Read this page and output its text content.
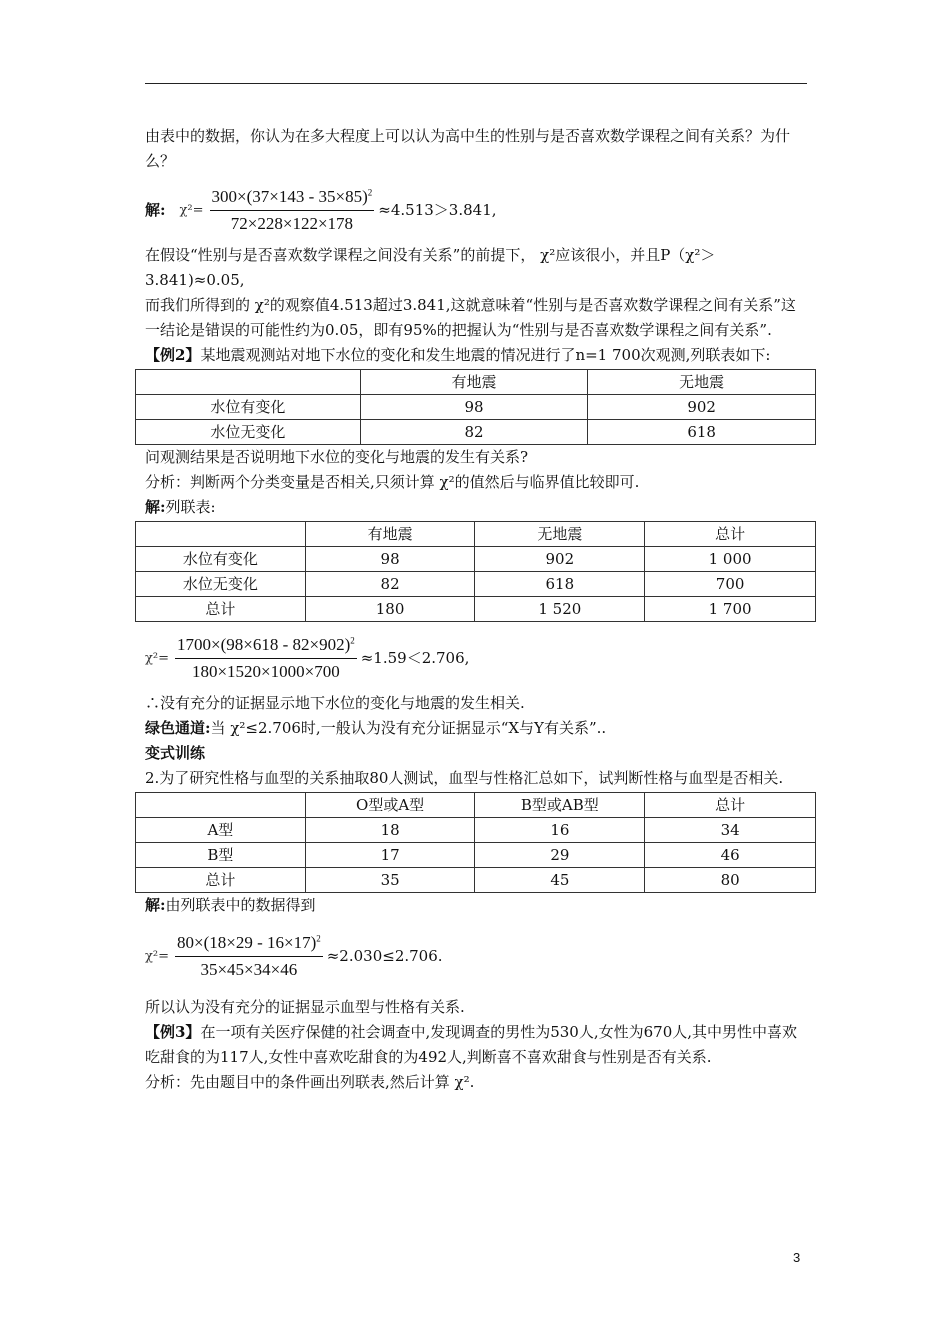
由表中的数据，你认为在多大程度上可以认为高中生的性别与是否喜欢数学课程之间有关系？为什么？

解: $\chi^2= \frac{300\times(37\times 143 - 35\times 85)^2}{72\times 228\times 122\times 178} \approx 4.513>3.841$,

在假设“性别与是否喜欢数学课程之间没有关系”的前提下， χ²应该很小，并且P（χ²＞3.841)≈0.05,

而我们所得到的 χ²的观察值4.513超过3.841,这就意味着“性别与是否喜欢数学课程之间有关系”这一结论是错误的可能性约为0.05，即有95%的把握认为“性别与是否喜欢数学课程之间有关系”.

【例2】某地震观测站对地下水位的变化和发生地震的情况进行了n=1 700次观测,列联表如下:

	有地震	无地震
水位有变化	98	902
水位无变化	82	618

问观测结果是否说明地下水位的变化与地震的发生有关系?

分析：判断两个分类变量是否相关,只须计算 χ²的值然后与临界值比较即可.

解:列联表:

	有地震	无地震	总计
水位有变化	98	902	1 000
水位无变化	82	618	700
总计	180	1 520	1 700
$\chi^2= \frac{1700\times(98\times 618 - 82\times 902)^2}{180\times 1520\times 1000\times 700} \approx 1.59<2.706$,

∴没有充分的证据显示地下水位的变化与地震的发生相关.

绿色通道:当 χ²≤2.706时,一般认为没有充分证据显示“X与Y有关系”..

变式训练

2.为了研究性格与血型的关系抽取80人测试，血型与性格汇总如下，试判断性格与血型是否相关.

	O型或A型	B型或AB型	总计
A型	18	16	34
B型	17	29	46
总计	35	45	80

解:由列联表中的数据得到

$\chi^2= \frac{80\times(18\times 29 - 16\times 17)^2}{35\times 45\times 34\times 46} \approx 2.030\le 2.706$.

所以认为没有充分的证据显示血型与性格有关系.

【例3】在一项有关医疗保健的社会调查中,发现调查的男性为530人,女性为670人,其中男性中喜欢吃甜食的为117人,女性中喜欢吃甜食的为492人,判断喜不喜欢甜食与性别是否有关系.

分析：先由题目中的条件画出列联表,然后计算 χ².

3
